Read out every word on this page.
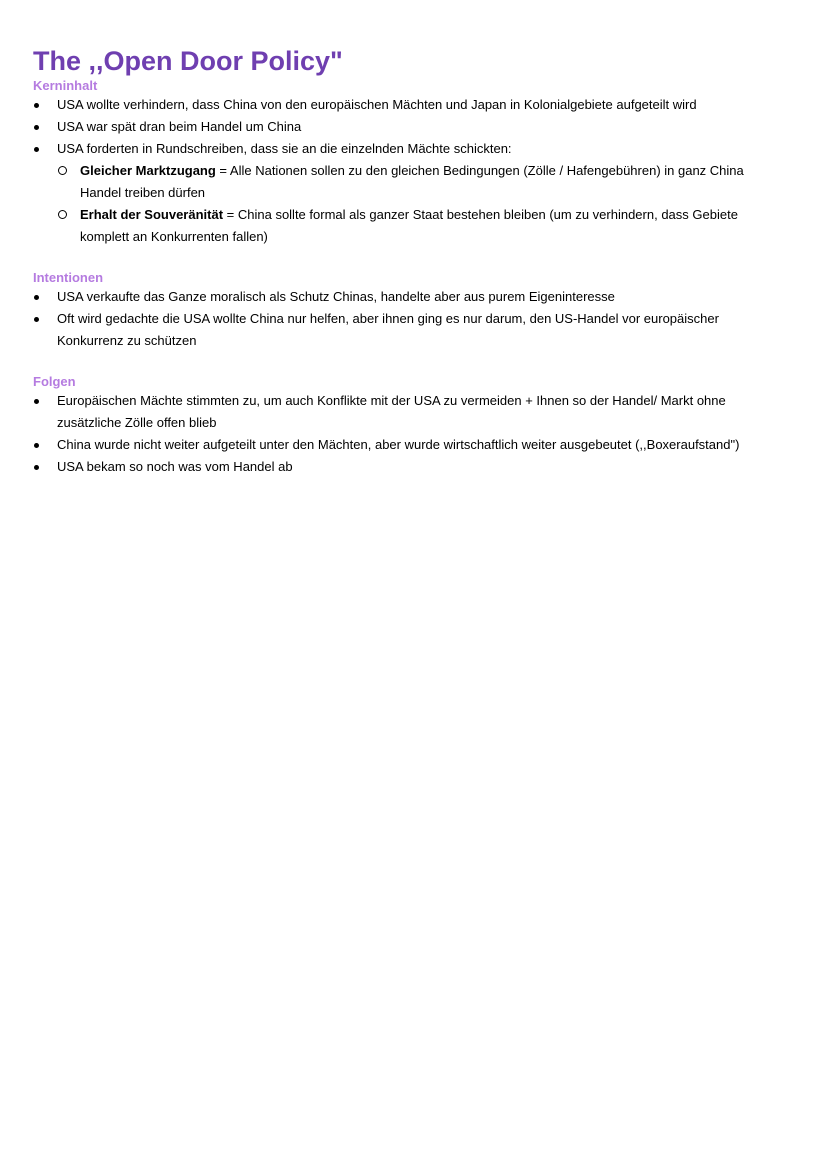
The ,,Open Door Policy"
Kerninhalt
USA wollte verhindern, dass China von den europäischen Mächten und Japan in Kolonialgebiete aufgeteilt wird
USA war spät dran beim Handel um China
USA forderten in Rundschreiben, dass sie an die einzelnden Mächte schickten:
Gleicher Marktzugang = Alle Nationen sollen zu den gleichen Bedingungen (Zölle / Hafengebühren) in ganz China Handel treiben dürfen
Erhalt der Souveränität = China sollte formal als ganzer Staat bestehen bleiben (um zu verhindern, dass Gebiete komplett an Konkurrenten fallen)
Intentionen
USA verkaufte das Ganze moralisch als Schutz Chinas, handelte aber aus purem Eigeninteresse
Oft wird gedachte die USA wollte China nur helfen, aber ihnen ging es nur darum, den US-Handel vor europäischer Konkurrenz zu schützen
Folgen
Europäischen Mächte stimmten zu, um auch Konflikte mit der USA zu vermeiden + Ihnen so der Handel/ Markt ohne zusätzliche Zölle offen blieb
China wurde nicht weiter aufgeteilt unter den Mächten, aber wurde wirtschaftlich weiter ausgebeutet (,,Boxeraufstand")
USA bekam so noch was vom Handel ab
